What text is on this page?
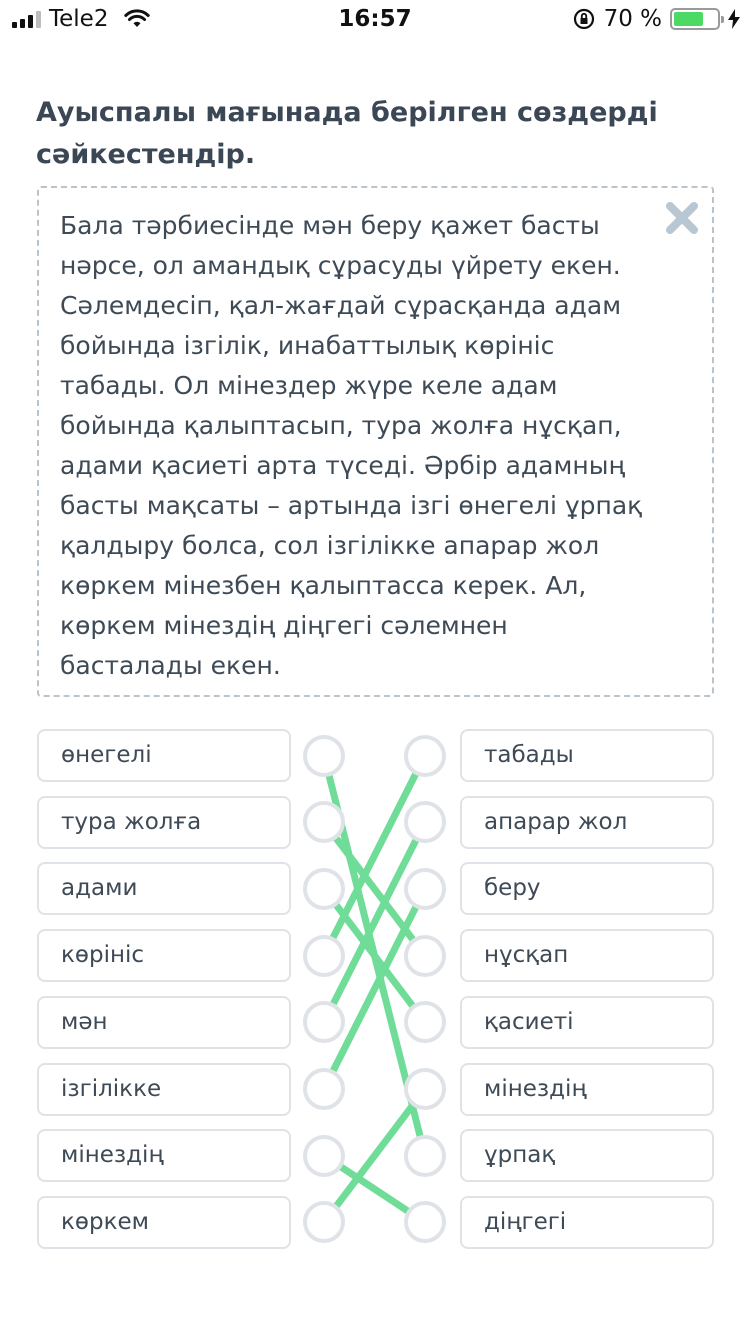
Tele2	16:57	70 %
Ауыспалы мағынада берілген сөздерді сәйкестендір.
Бала тәрбиесінде мән беру қажет басты нәрсе, ол амандық сұрасуды үйрету екен. Сәлемдесіп, қал-жағдай сұрасқанда адам бойында ізгілік, инабаттылық көрініс табады. Ол мінездер жүре келе адам бойында қалыптасып, тура жолға нұсқап, адами қасиеті арта түседі. Әрбір адамның басты мақсаты – артында ізгі өнегелі ұрпақ қалдыру болса, сол ізгілікке апарар жол көркем мінезбен қалыптасса керек. Ал, көркем мінездің діңгегі сәлемнен басталады екен.
өнегелі
тура жолға
адами
көрініс
мән
ізгілікке
мінездің
көркем
табады
апарар жол
беру
нұсқап
қасиеті
мінездің
ұрпақ
діңгегі
